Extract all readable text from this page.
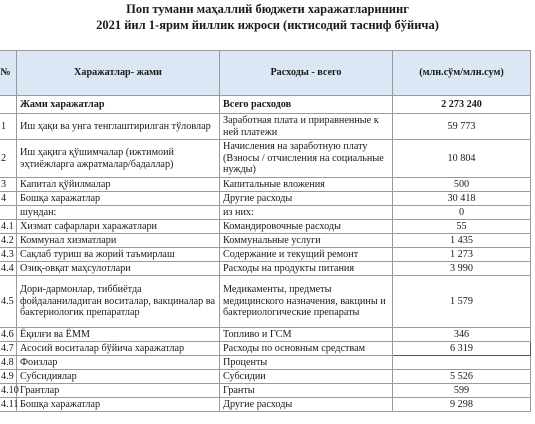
Поп тумани маҳаллий бюджети харажатларининг
2021 йил 1-ярим йиллик ижроси (иктисодий тасниф бўйича)
№	Харажатлар- жами	Расходы - всего	(млн.сўм/млн.сум)
	Жами харажатлар	Всего расходов	2 273 240
1	Иш ҳақи ва унга тенглаштирилган тўловлар	Заработная плата и приравненные к ней платежи	59 773
2	Иш ҳақига қўшимчалар (ижтимоий эҳтиёжларга ажратмалар/бадаллар)	Начисления на заработную плату (Взносы / отчисления на социальные нужды)	10 804
3	Капитал қўйилмалар	Капитальные вложения	500
4	Бошқа харажатлар	Другие расходы	30 418
	шундан:	из них:	0
4.1	Хизмат сафарлари харажатлари	Командировочные расходы	55
4.2	Коммунал хизматлари	Коммунальные услуги	1 435
4.3	Сақлаб туриш ва жорий таъмирлаш	Содержание и текущий ремонт	1 273
4.4	Озиқ-овқат маҳсулотлари	Расходы на продукты питания	3 990
4.5	Дори-дармонлар, тиббиётда фойдаланиладиган воситалар, вакциналар ва бактериологик препаратлар	Медикаменты, предметы медицинского назначения, вакцины и бактериологические препараты	1 579
4.6	Ёқилғи ва ЁММ	Топливо и ГСМ	346
4.7	Асосий воситалар бўйича харажатлар	Расходы по основным средствам	6 319
4.8	Фоизлар	Проценты	
4.9	Субсидиялар	Субсидии	5 526
4.10	Грантлар	Гранты	599
4.11	Бошқа харажатлар	Другие расходы	9 298
